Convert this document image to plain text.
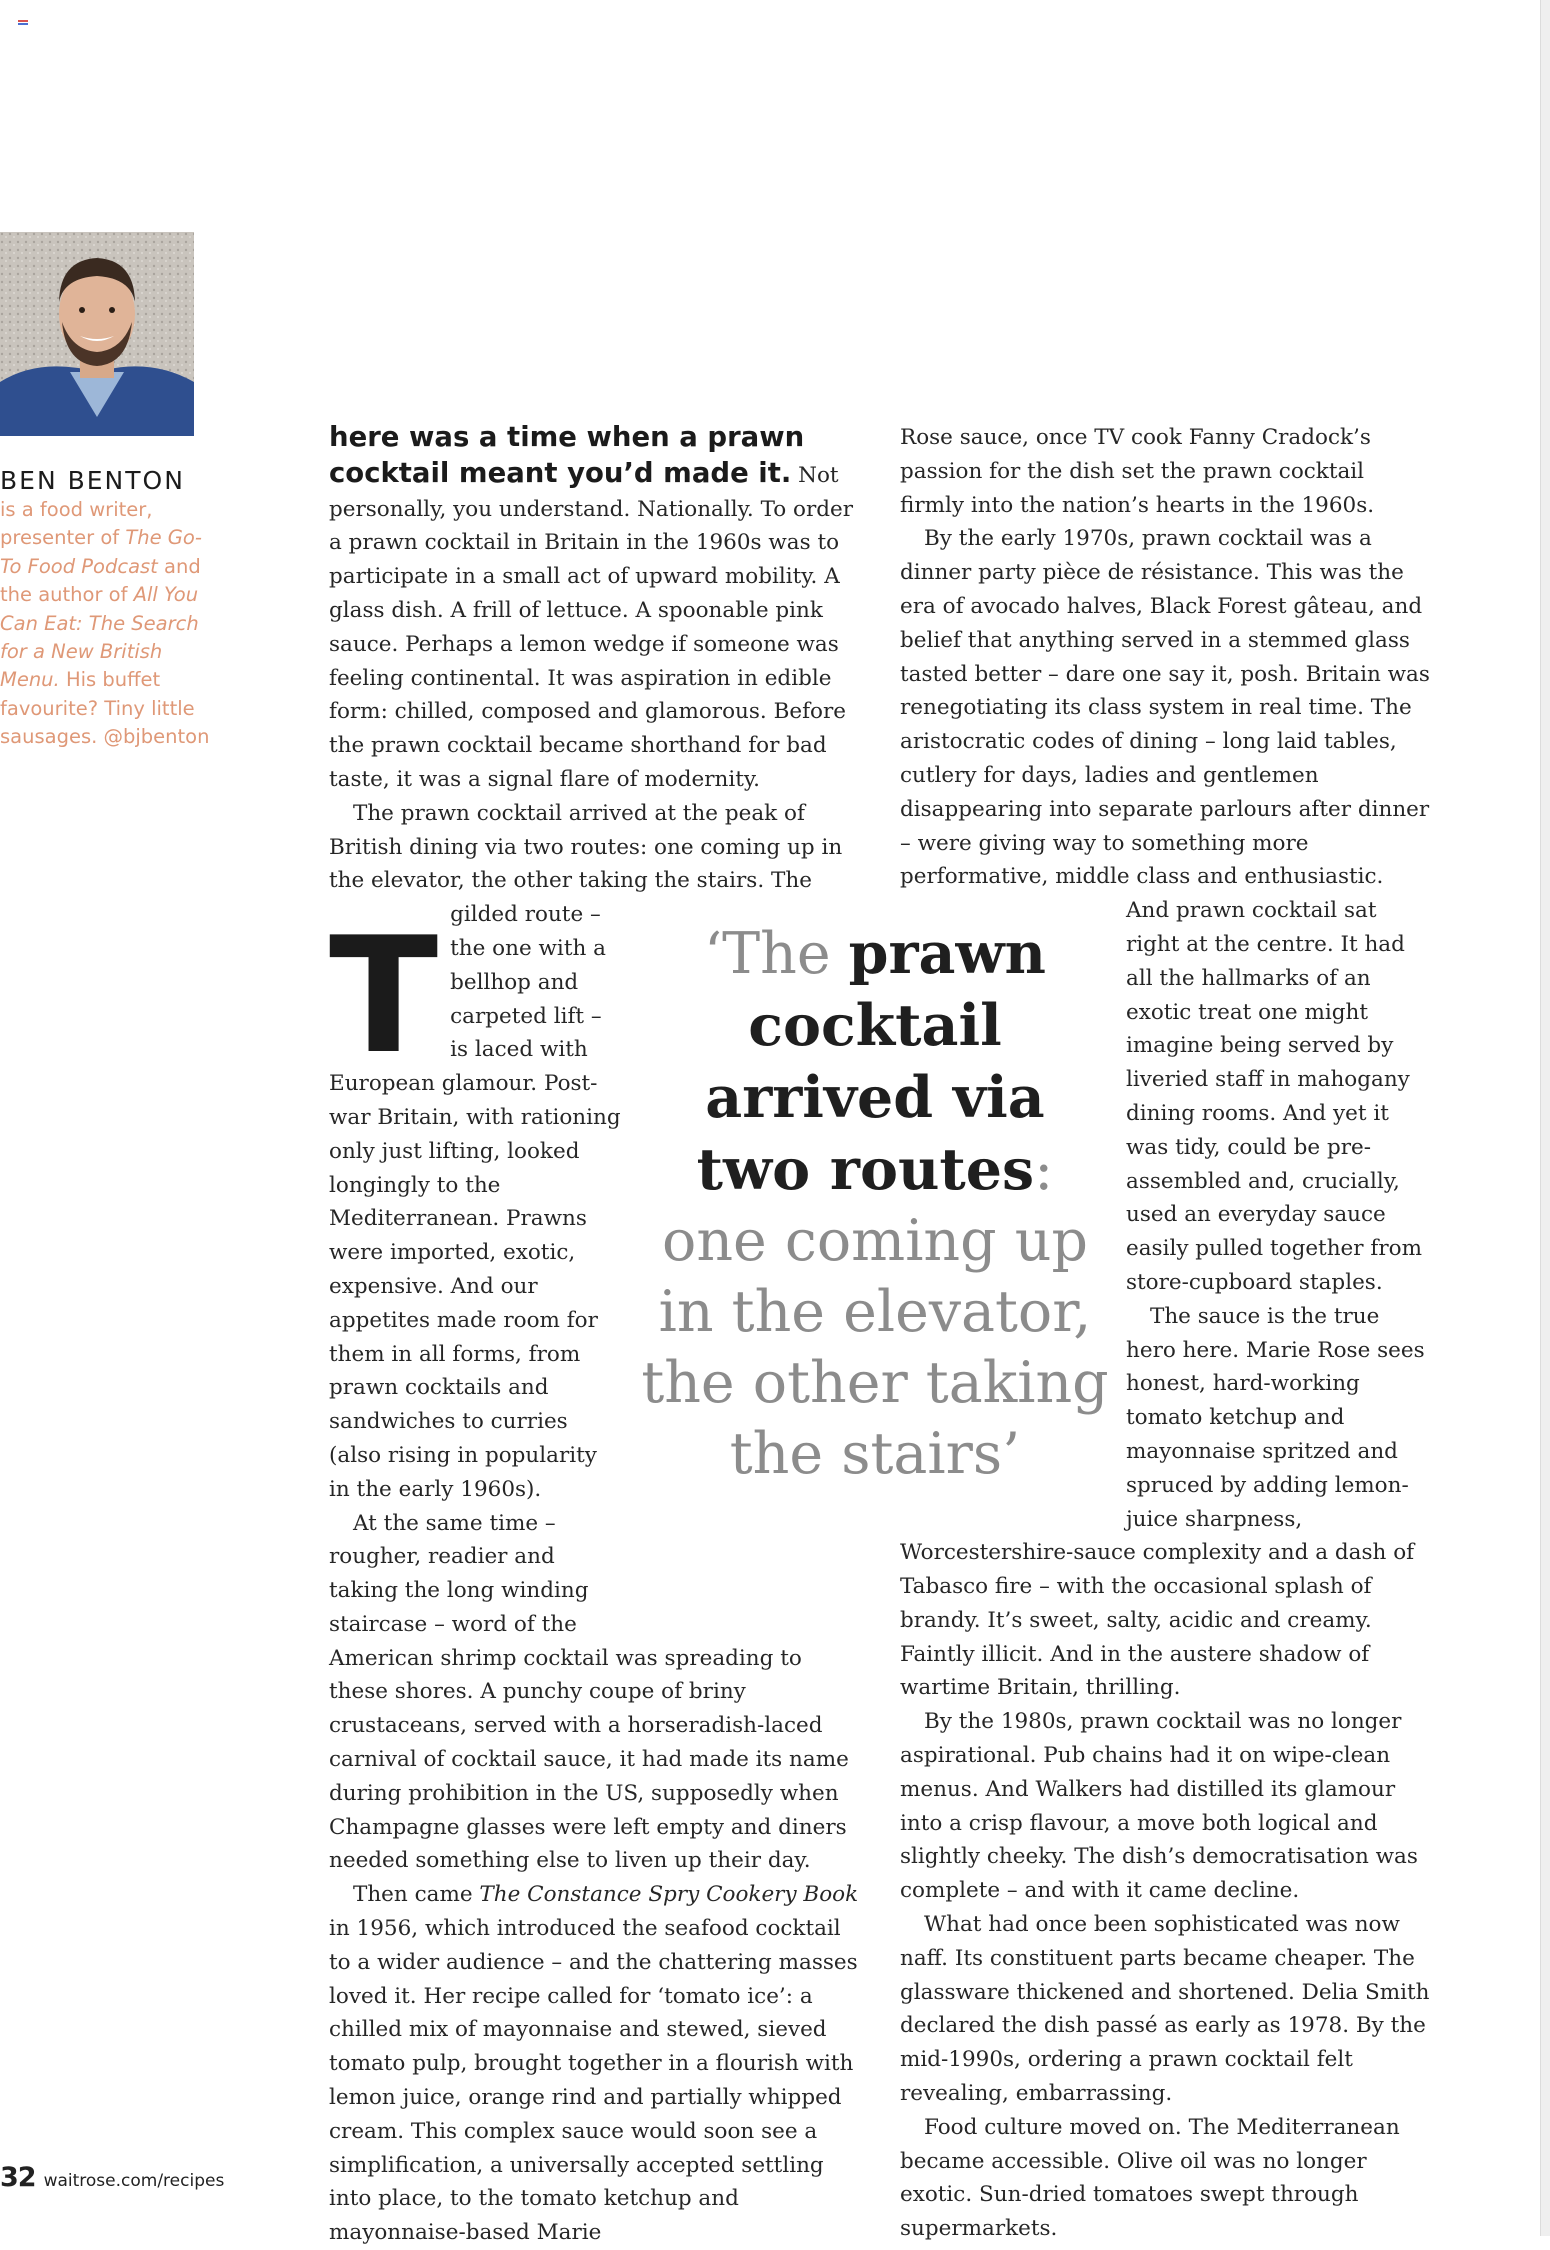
BEN BENTON
is a food writer, presenter of The Go-To Food Podcast and the author of All You Can Eat: The Search for a New British Menu. His buffet favourite? Tiny little sausages. @bjbenton

T
here was a time when a prawn cocktail meant you’d made it. Not personally, you understand. Nationally. To order a prawn cocktail in Britain in the 1960s was to participate in a small act of upward mobility. A glass dish. A frill of lettuce. A spoonable pink sauce. Perhaps a lemon wedge if someone was feeling continental. It was aspiration in edible form: chilled, composed and glamorous. Before the prawn cocktail became shorthand for bad taste, it was a signal flare of modernity.

The prawn cocktail arrived at the peak of British dining via two routes: one coming up in the elevator, the other taking the stairs. The gilded route – the one with a bellhop and carpeted lift – is laced with European glamour. Post-war Britain, with rationing only just lifting, looked longingly to the Mediterranean. Prawns were imported, exotic, expensive. And our appetites made room for them in all forms, from prawn cocktails and sandwiches to curries (also rising in popularity in the early 1960s).

At the same time – rougher, readier and taking the long winding staircase – word of the American shrimp cocktail was spreading to these shores. A punchy coupe of briny crustaceans, served with a horseradish-laced carnival of cocktail sauce, it had made its name during prohibition in the US, supposedly when Champagne glasses were left empty and diners needed something else to liven up their day.

Then came The Constance Spry Cookery Book in 1956, which introduced the seafood cocktail to a wider audience – and the chattering masses loved it. Her recipe called for ‘tomato ice’: a chilled mix of mayonnaise and stewed, sieved tomato pulp, brought together in a flourish with lemon juice, orange rind and partially whipped cream. This complex sauce would soon see a simplification, a universally accepted settling into place, to the tomato ketchup and mayonnaise-based Marie

Rose sauce, once TV cook Fanny Cradock’s passion for the dish set the prawn cocktail firmly into the nation’s hearts in the 1960s.

By the early 1970s, prawn cocktail was a dinner party pièce de résistance. This was the era of avocado halves, Black Forest gâteau, and belief that anything served in a stemmed glass tasted better – dare one say it, posh. Britain was renegotiating its class system in real time. The aristocratic codes of dining – long laid tables, cutlery for days, ladies and gentlemen disappearing into separate parlours after dinner – were giving way to something more performative, middle class and enthusiastic. And prawn cocktail sat right at the centre. It had all the hallmarks of an exotic treat one might imagine being served by liveried staff in mahogany dining rooms. And yet it was tidy, could be pre-assembled and, crucially, used an everyday sauce easily pulled together from store-cupboard staples.

The sauce is the true hero here. Marie Rose sees honest, hard-working tomato ketchup and mayonnaise spritzed and spruced by adding lemon-juice sharpness, Worcestershire-sauce complexity and a dash of Tabasco fire – with the occasional splash of brandy. It’s sweet, salty, acidic and creamy. Faintly illicit. And in the austere shadow of wartime Britain, thrilling.

By the 1980s, prawn cocktail was no longer aspirational. Pub chains had it on wipe-clean menus. And Walkers had distilled its glamour into a crisp flavour, a move both logical and slightly cheeky. The dish’s democratisation was complete – and with it came decline.

What had once been sophisticated was now naff. Its constituent parts became cheaper. The glassware thickened and shortened. Delia Smith declared the dish passé as early as 1978. By the mid-1990s, ordering a prawn cocktail felt revealing, embarrassing.

Food culture moved on. The Mediterranean became accessible. Olive oil was no longer exotic. Sun-dried tomatoes swept through supermarkets.

‘The prawn cocktail arrived via two routes: one coming up in the elevator, the other taking the stairs’
32 waitrose.com/recipes
